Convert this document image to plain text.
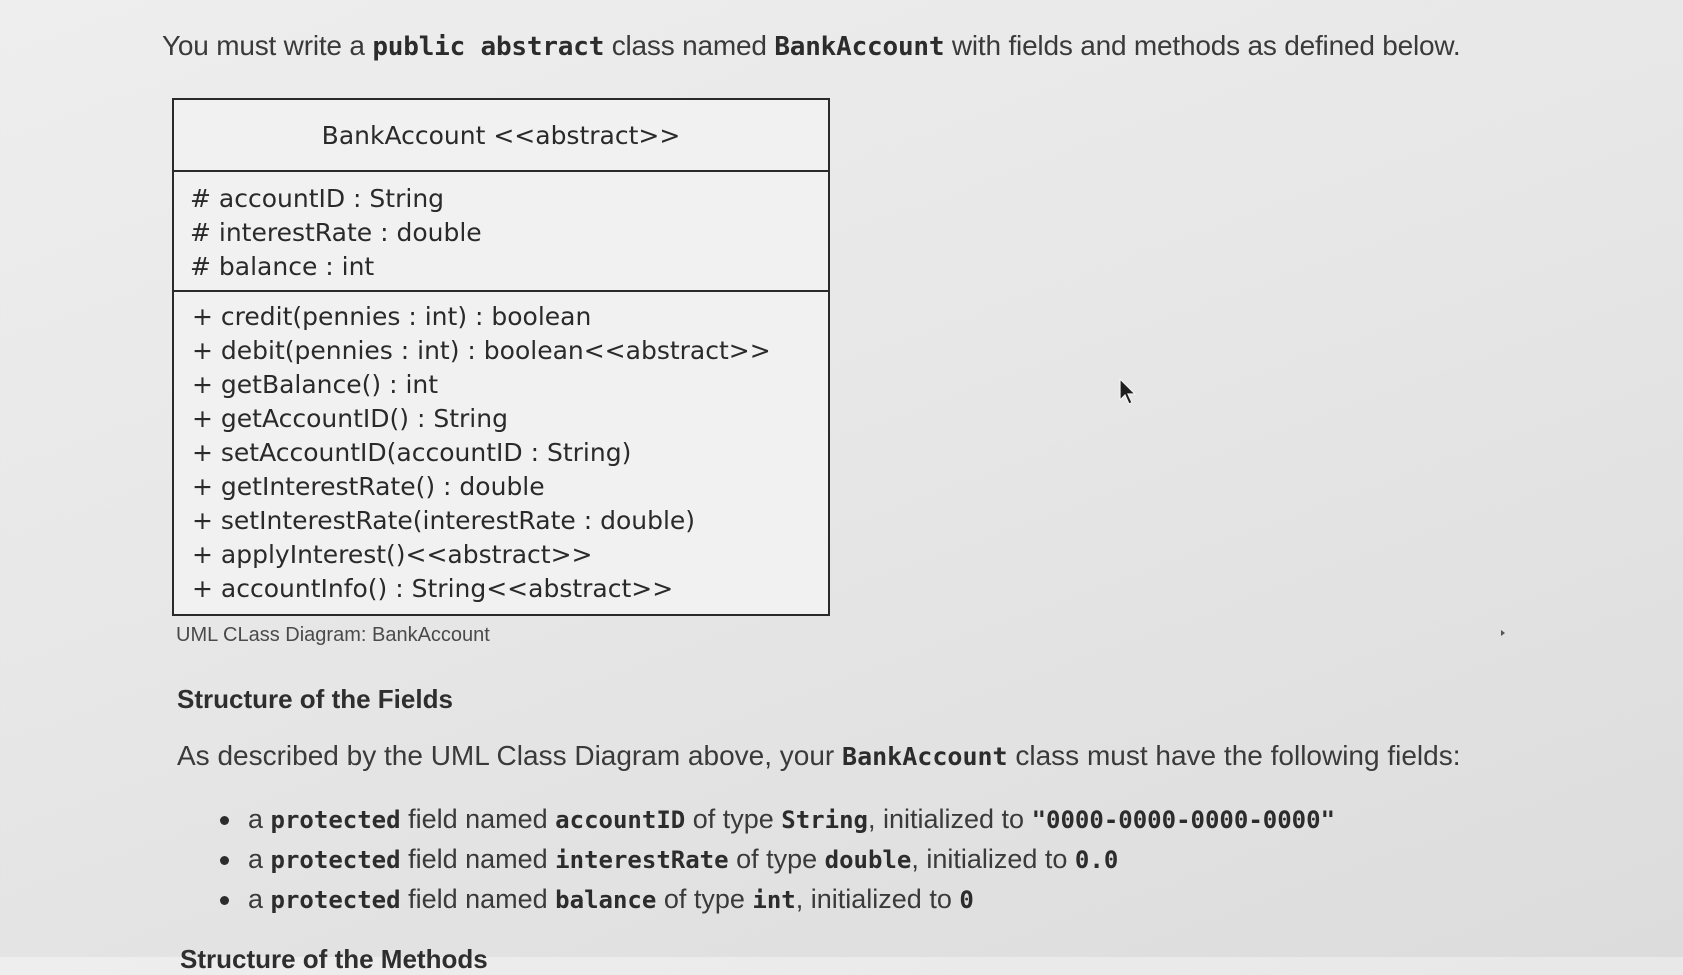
You must write a public abstract class named BankAccount with fields and methods as defined below.
BankAccount <<abstract>>
# accountID : String
# interestRate : double
# balance : int
+ credit(pennies : int) : boolean
+ debit(pennies : int) : boolean<<abstract>>
+ getBalance() : int
+ getAccountID() : String
+ setAccountID(accountID : String)
+ getInterestRate() : double
+ setInterestRate(interestRate : double)
+ applyInterest()<<abstract>>
+ accountInfo() : String<<abstract>>
UML CLass Diagram: BankAccount
Structure of the Fields
As described by the UML Class Diagram above, your BankAccount class must have the following fields:
a protected field named accountID of type String, initialized to "0000-0000-0000-0000"
a protected field named interestRate of type double, initialized to 0.0
a protected field named balance of type int, initialized to 0
Structure of the Methods
